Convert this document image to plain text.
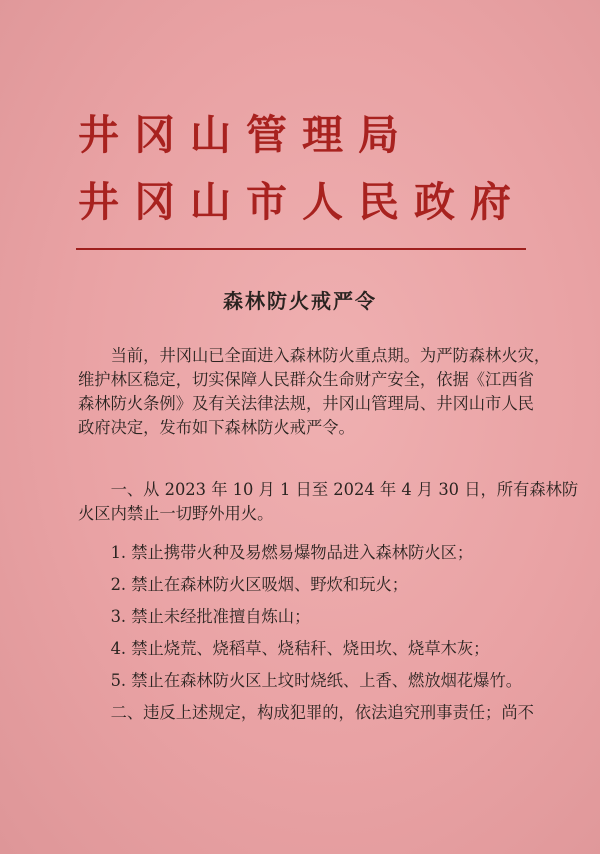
井冈山管理局
井冈山市人民政府
森林防火戒严令
　　当前，井冈山已全面进入森林防火重点期。为严防森林火灾，
维护林区稳定，切实保障人民群众生命财产安全，依据《江西省
森林防火条例》及有关法律法规，井冈山管理局、井冈山市人民
政府决定，发布如下森林防火戒严令。
　　一、从 2023 年 10 月 1 日至 2024 年 4 月 30 日，所有森林防
火区内禁止一切野外用火。
　　1. 禁止携带火种及易燃易爆物品进入森林防火区；
　　2. 禁止在森林防火区吸烟、野炊和玩火；
　　3. 禁止未经批准擅自炼山；
　　4. 禁止烧荒、烧稻草、烧秸秆、烧田坎、烧草木灰；
　　5. 禁止在森林防火区上坟时烧纸、上香、燃放烟花爆竹。
　　二、违反上述规定，构成犯罪的，依法追究刑事责任；尚不
